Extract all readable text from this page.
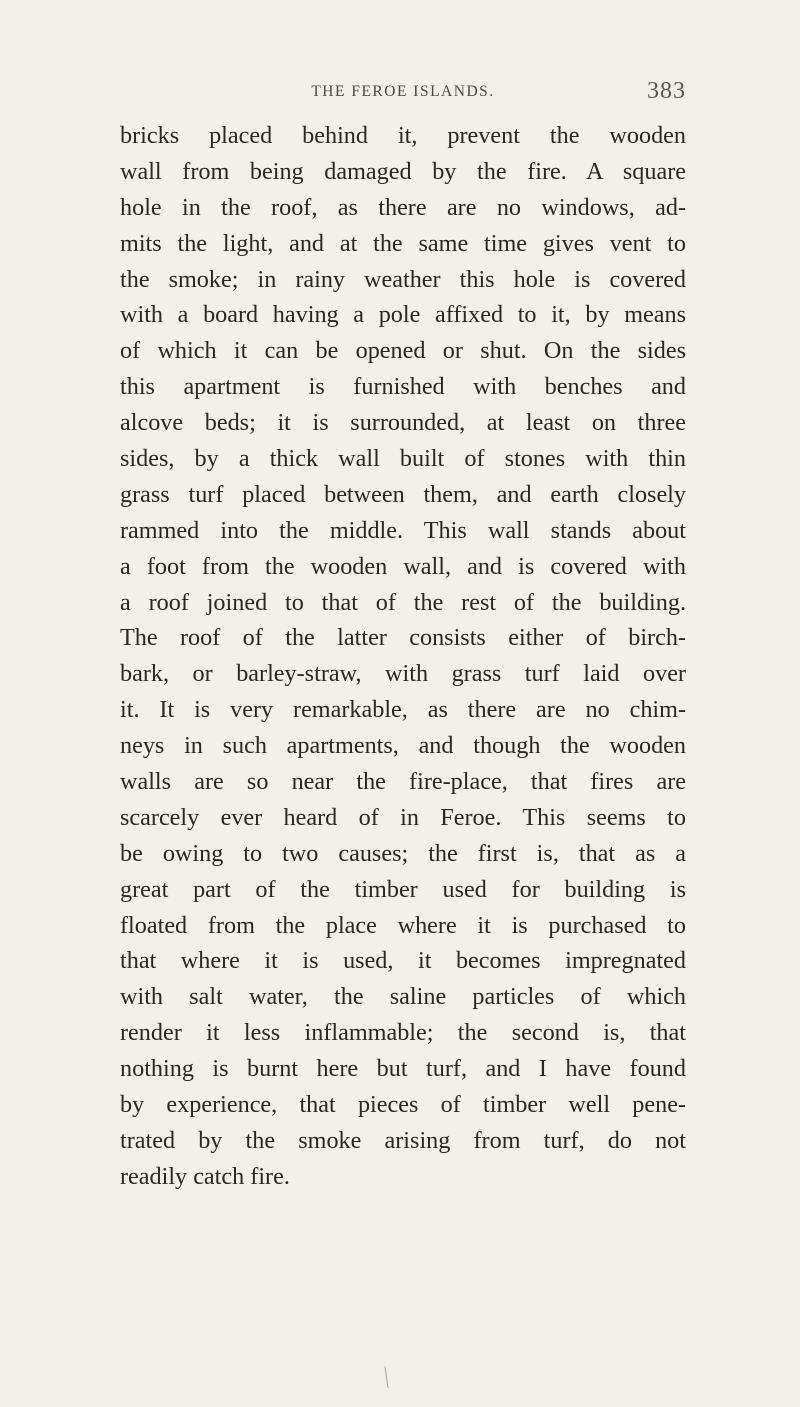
THE FEROE ISLANDS.	383
bricks placed behind it, prevent the wooden
wall from being damaged by the fire. A square
hole in the roof, as there are no windows, ad-
mits the light, and at the same time gives vent to
the smoke; in rainy weather this hole is covered
with a board having a pole affixed to it, by means
of which it can be opened or shut. On the sides
this apartment is furnished with benches and
alcove beds; it is surrounded, at least on three
sides, by a thick wall built of stones with thin
grass turf placed between them, and earth closely
rammed into the middle. This wall stands about
a foot from the wooden wall, and is covered with
a roof joined to that of the rest of the building.
The roof of the latter consists either of birch-
bark, or barley-straw, with grass turf laid over
it. It is very remarkable, as there are no chim-
neys in such apartments, and though the wooden
walls are so near the fire-place, that fires are
scarcely ever heard of in Feroe. This seems to
be owing to two causes; the first is, that as a
great part of the timber used for building is
floated from the place where it is purchased to
that where it is used, it becomes impregnated
with salt water, the saline particles of which
render it less inflammable; the second is, that
nothing is burnt here but turf, and I have found
by experience, that pieces of timber well pene-
trated by the smoke arising from turf, do not
readily catch fire.
